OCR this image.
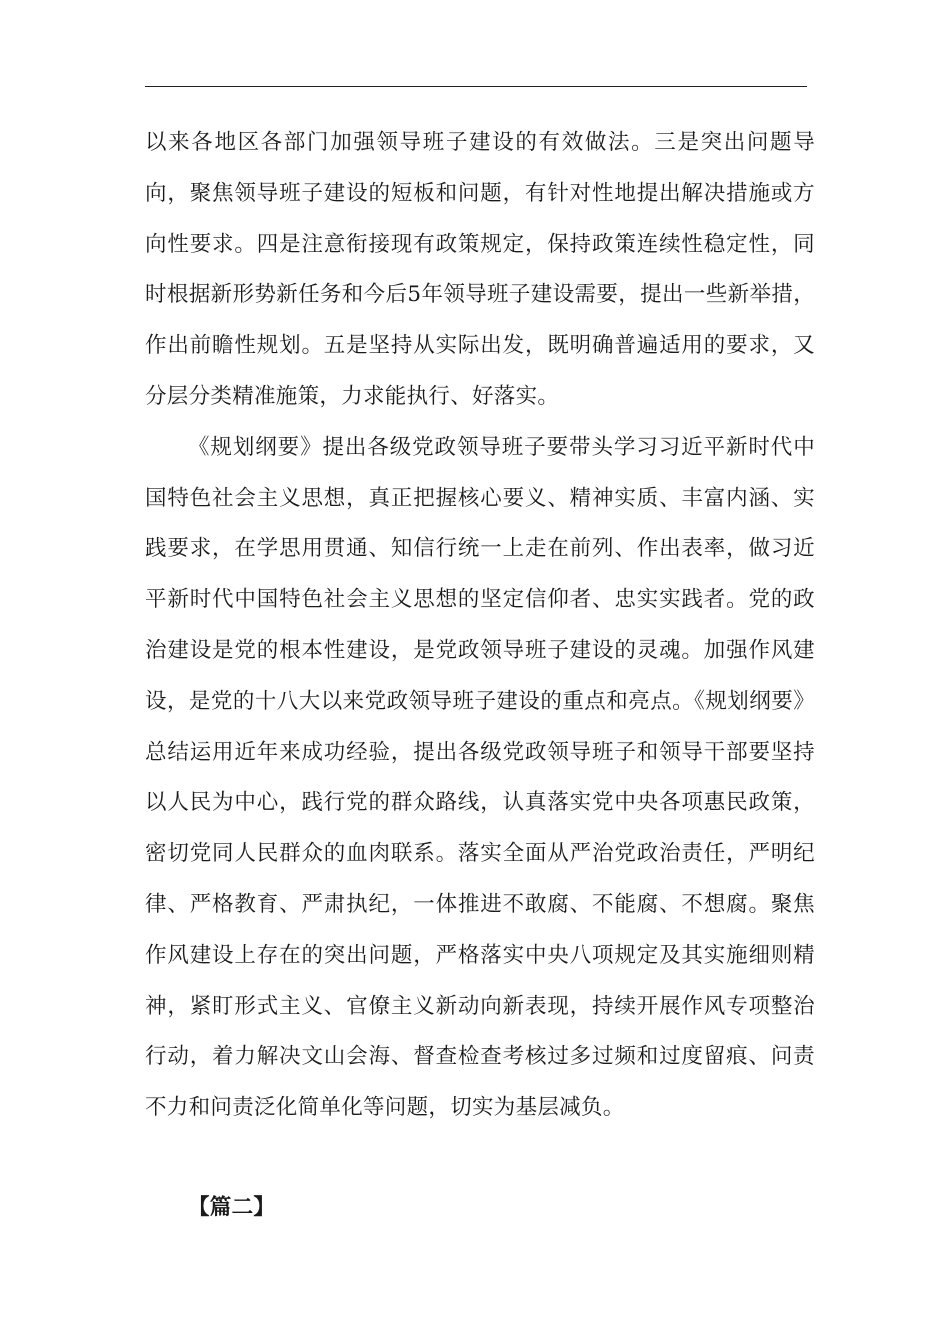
以来各地区各部门加强领导班子建设的有效做法。三是突出问题导向，聚焦领导班子建设的短板和问题，有针对性地提出解决措施或方向性要求。四是注意衔接现有政策规定，保持政策连续性稳定性，同时根据新形势新任务和今后5年领导班子建设需要，提出一些新举措，作出前瞻性规划。五是坚持从实际出发，既明确普遍适用的要求，又分层分类精准施策，力求能执行、好落实。

《规划纲要》提出各级党政领导班子要带头学习习近平新时代中国特色社会主义思想，真正把握核心要义、精神实质、丰富内涵、实践要求，在学思用贯通、知信行统一上走在前列、作出表率，做习近平新时代中国特色社会主义思想的坚定信仰者、忠实实践者。党的政治建设是党的根本性建设，是党政领导班子建设的灵魂。加强作风建设，是党的十八大以来党政领导班子建设的重点和亮点。《规划纲要》总结运用近年来成功经验，提出各级党政领导班子和领导干部要坚持以人民为中心，践行党的群众路线，认真落实党中央各项惠民政策，密切党同人民群众的血肉联系。落实全面从严治党政治责任，严明纪律、严格教育、严肃执纪，一体推进不敢腐、不能腐、不想腐。聚焦作风建设上存在的突出问题，严格落实中央八项规定及其实施细则精神，紧盯形式主义、官僚主义新动向新表现，持续开展作风专项整治行动，着力解决文山会海、督查检查考核过多过频和过度留痕、问责不力和问责泛化简单化等问题，切实为基层减负。

【篇二】
